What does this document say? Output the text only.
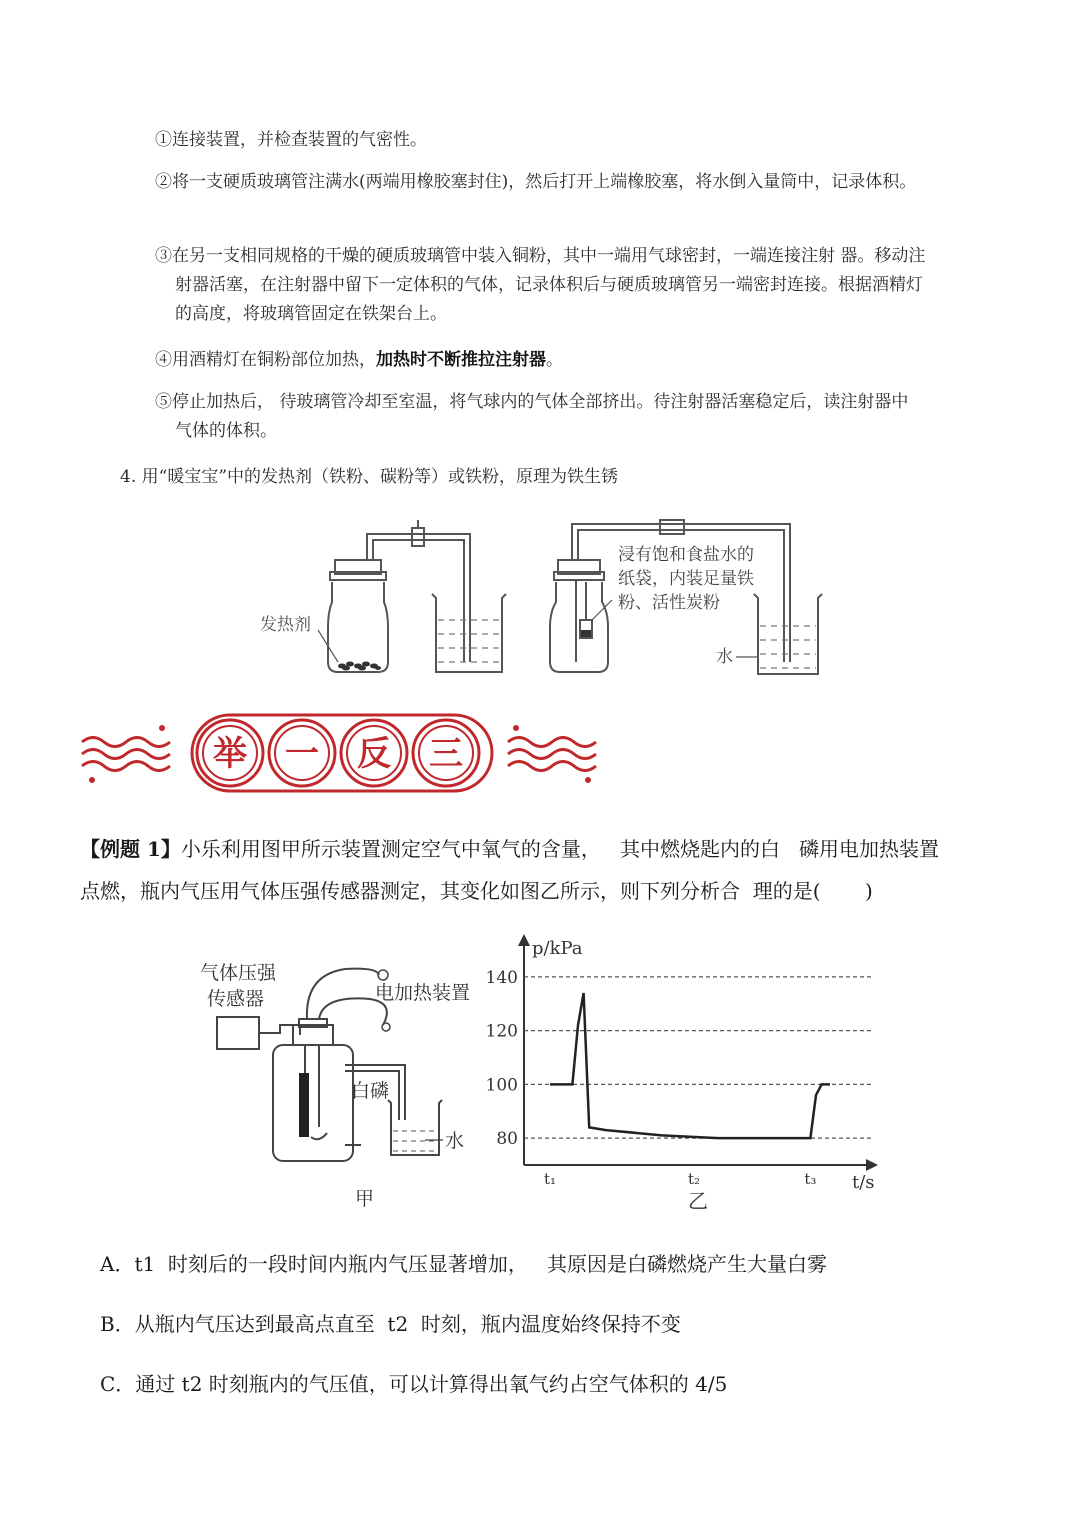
①连接装置，并检查装置的气密性。
②将一支硬质玻璃管注满水(两端用橡胶塞封住)，然后打开上端橡胶塞，将水倒入量筒中，记录体积。
③在另一支相同规格的干燥的硬质玻璃管中装入铜粉，其中一端用气球密封，一端连接注射 器。移动注
射器活塞，在注射器中留下一定体积的气体，记录体积后与硬质玻璃管另一端密封连接。根据酒精灯
的高度，将玻璃管固定在铁架台上。
④用酒精灯在铜粉部位加热，加热时不断推拉注射器。
⑤停止加热后， 待玻璃管冷却至室温，将气球内的气体全部挤出。待注射器活塞稳定后，读注射器中
气体的体积。
4. 用“暖宝宝”中的发热剂（铁粉、碳粉等）或铁粉，原理为铁生锈
发热剂
浸有饱和食盐水的
纸袋，内装足量铁
粉、活性炭粉
水
举 一 反 三
【例题 1】小乐利用图甲所示装置测定空气中氧气的含量，   其中燃烧匙内的白   磷用电加热装置
点燃，瓶内气压用气体压强传感器测定，其变化如图乙所示，则下列分析合  理的是(       )
气体压强
传感器	电加热装置
白磷
水
甲
p/kPa
t/s
乙
80
100
120
140
t₁	t₂	t₃
A．t1  时刻后的一段时间内瓶内气压显著增加，   其原因是白磷燃烧产生大量白雾
B．从瓶内气压达到最高点直至  t2  时刻，瓶内温度始终保持不变
C．通过 t2 时刻瓶内的气压值，可以计算得出氧气约占空气体积的 4/5
